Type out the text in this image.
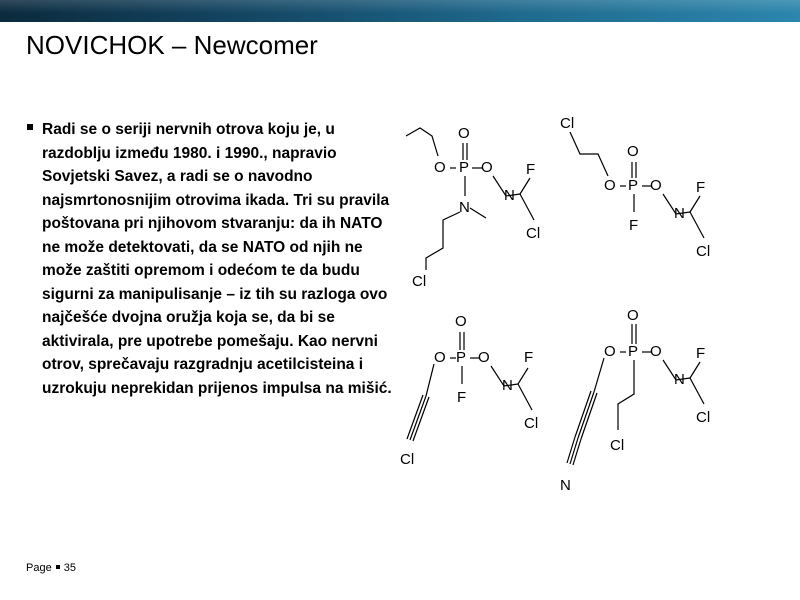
NOVICHOK – Newcomer
Radi se o seriji nervnih otrova koju je, u razdoblju između 1980. i 1990., napravio Sovjetski Savez, a radi se o navodno najsmrtonosnijim otrovima ikada. Tri su pravila poštovana pri njihovom stvaranju: da ih NATO ne može detektovati, da se NATO od njih ne može zaštiti opremom i odećom te da budu sigurni za manipulisanje – iz tih su razloga ovo najčešće dvojna oružja koja se, da bi se aktivirala, pre upotrebe pomešaju. Kao nervni otrov, sprečavaju razgradnju acetilcisteina i uzrokuju neprekidan prijenos impulsa na mišić.
O
O
P O
N
F
Cl
N
Cl
Cl
O
O
P O
N
F
Cl
F
O
O
P O
N
F
Cl
F
Cl
O
O
P O
N
F
Cl
Cl
N
Page 35
